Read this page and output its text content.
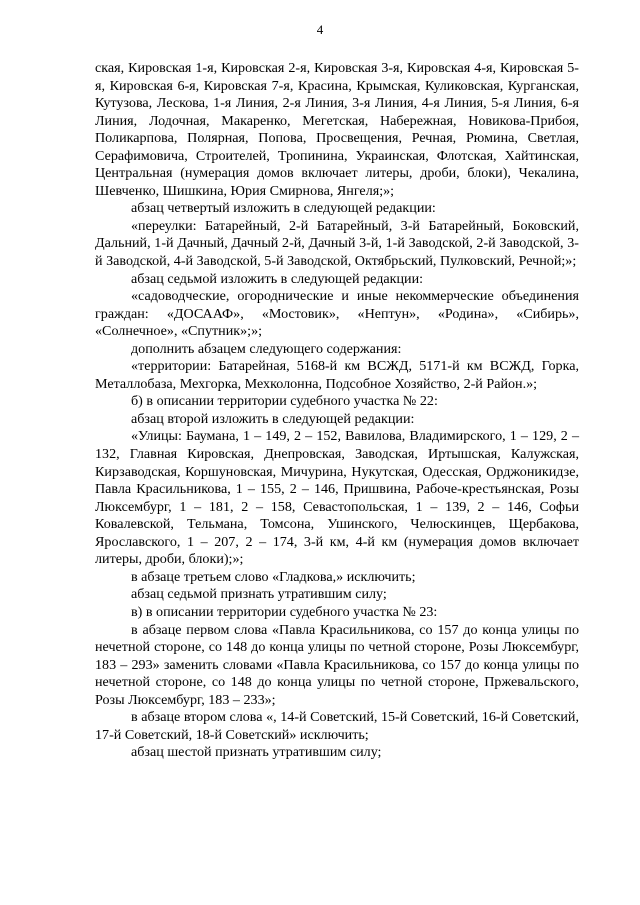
4

ская, Кировская 1-я, Кировская 2-я, Кировская 3-я, Кировская 4-я, Кировская 5-я, Кировская 6-я, Кировская 7-я, Красина, Крымская, Куликовская, Курганская, Кутузова, Лескова, 1-я Линия, 2-я Линия, 3-я Линия, 4-я Линия, 5-я Линия, 6-я Линия, Лодочная, Макаренко, Мегетская, Набережная, Новикова-Прибоя, Поликарпова, Полярная, Попова, Просвещения, Речная, Рюмина, Светлая, Серафимовича, Строителей, Тропинина, Украинская, Флотская, Хайтинская, Центральная (нумерация домов включает литеры, дроби, блоки), Чекалина, Шевченко, Шишкина, Юрия Смирнова, Янгеля;»;

абзац четвертый изложить в следующей редакции:

«переулки: Батарейный, 2-й Батарейный, 3-й Батарейный, Боковский, Дальний, 1-й Дачный, Дачный 2-й, Дачный 3-й, 1-й Заводской, 2-й Заводской, 3-й Заводской, 4-й Заводской, 5-й Заводской, Октябрьский, Пулковский, Речной;»;

абзац седьмой изложить в следующей редакции:

«садоводческие, огороднические и иные некоммерческие объединения граждан: «ДОСААФ», «Мостовик», «Нептун», «Родина», «Сибирь», «Солнечное», «Спутник»;»;

дополнить абзацем следующего содержания:

«территории: Батарейная, 5168-й км ВСЖД, 5171-й км ВСЖД, Горка, Металлобаза, Мехгорка, Мехколонна, Подсобное Хозяйство, 2-й Район.»;

б) в описании территории судебного участка № 22:

абзац второй изложить в следующей редакции:

«Улицы: Баумана, 1 – 149, 2 – 152, Вавилова, Владимирского, 1 – 129, 2 – 132, Главная Кировская, Днепровская, Заводская, Иртышская, Калужская, Кирзаводская, Коршуновская, Мичурина, Нукутская, Одесская, Орджоникидзе, Павла Красильникова, 1 – 155, 2 – 146, Пришвина, Рабоче-крестьянская, Розы Люксембург, 1 – 181, 2 – 158, Севастопольская, 1 – 139, 2 – 146, Софьи Ковалевской, Тельмана, Томсона, Ушинского, Челюскинцев, Щербакова, Ярославского, 1 – 207, 2 – 174, 3-й км, 4-й км (нумерация домов включает литеры, дроби, блоки);»;

в абзаце третьем слово «Гладкова,» исключить;

абзац седьмой признать утратившим силу;

в) в описании территории судебного участка № 23:

в абзаце первом слова «Павла Красильникова, со 157 до конца улицы по нечетной стороне, со 148 до конца улицы по четной стороне, Розы Люксембург, 183 – 293» заменить словами «Павла Красильникова, со 157 до конца улицы по нечетной стороне, со 148 до конца улицы по четной стороне, Пржевальского, Розы Люксембург, 183 – 233»;

в абзаце втором слова «, 14-й Советский, 15-й Советский, 16-й Советский, 17-й Советский, 18-й Советский» исключить;

абзац шестой признать утратившим силу;
